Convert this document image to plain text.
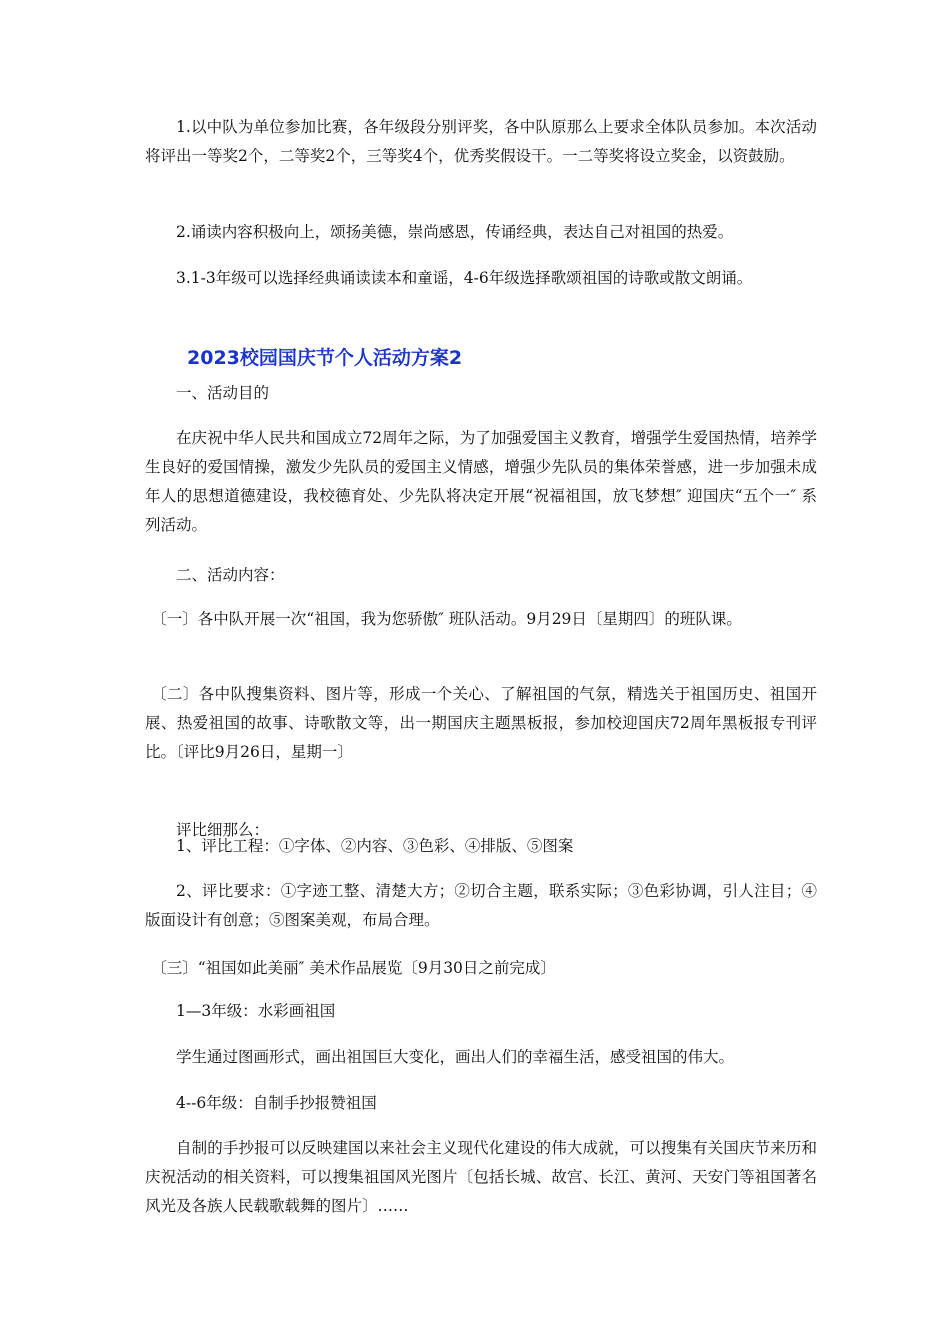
1.以中队为单位参加比赛，各年级段分别评奖，各中队原那么上要求全体队员参加。本次活动将评出一等奖2个，二等奖2个，三等奖4个，优秀奖假设干。一二等奖将设立奖金，以资鼓励。

2.诵读内容积极向上，颂扬美德，崇尚感恩，传诵经典，表达自己对祖国的热爱。

3.1-3年级可以选择经典诵读读本和童谣，4-6年级选择歌颂祖国的诗歌或散文朗诵。

2023校园国庆节个人活动方案2

一、活动目的

在庆祝中华人民共和国成立72周年之际，为了加强爱国主义教育，增强学生爱国热情，培养学生良好的爱国情操，激发少先队员的爱国主义情感，增强少先队员的集体荣誉感，进一步加强未成年人的思想道德建设，我校德育处、少先队将决定开展“祝福祖国，放飞梦想″ 迎国庆“五个一″ 系列活动。

二、活动内容：

〔一〕各中队开展一次“祖国，我为您骄傲″ 班队活动。9月29日〔星期四〕的班队课。

〔二〕各中队搜集资料、图片等，形成一个关心、了解祖国的气氛，精选关于祖国历史、祖国开展、热爱祖国的故事、诗歌散文等，出一期国庆主题黑板报，参加校迎国庆72周年黑板报专刊评比。〔评比9月26日，星期一〕

评比细那么：

1、评比工程：①字体、②内容、③色彩、④排版、⑤图案

2、评比要求：①字迹工整、清楚大方；②切合主题，联系实际；③色彩协调，引人注目；④版面设计有创意；⑤图案美观，布局合理。

〔三〕“祖国如此美丽″ 美术作品展览〔9月30日之前完成〕

1—3年级：水彩画祖国

学生通过图画形式，画出祖国巨大变化，画出人们的幸福生活，感受祖国的伟大。

4--6年级：自制手抄报赞祖国

自制的手抄报可以反映建国以来社会主义现代化建设的伟大成就，可以搜集有关国庆节来历和庆祝活动的相关资料，可以搜集祖国风光图片〔包括长城、故宫、长江、黄河、天安门等祖国著名风光及各族人民载歌载舞的图片〕……
